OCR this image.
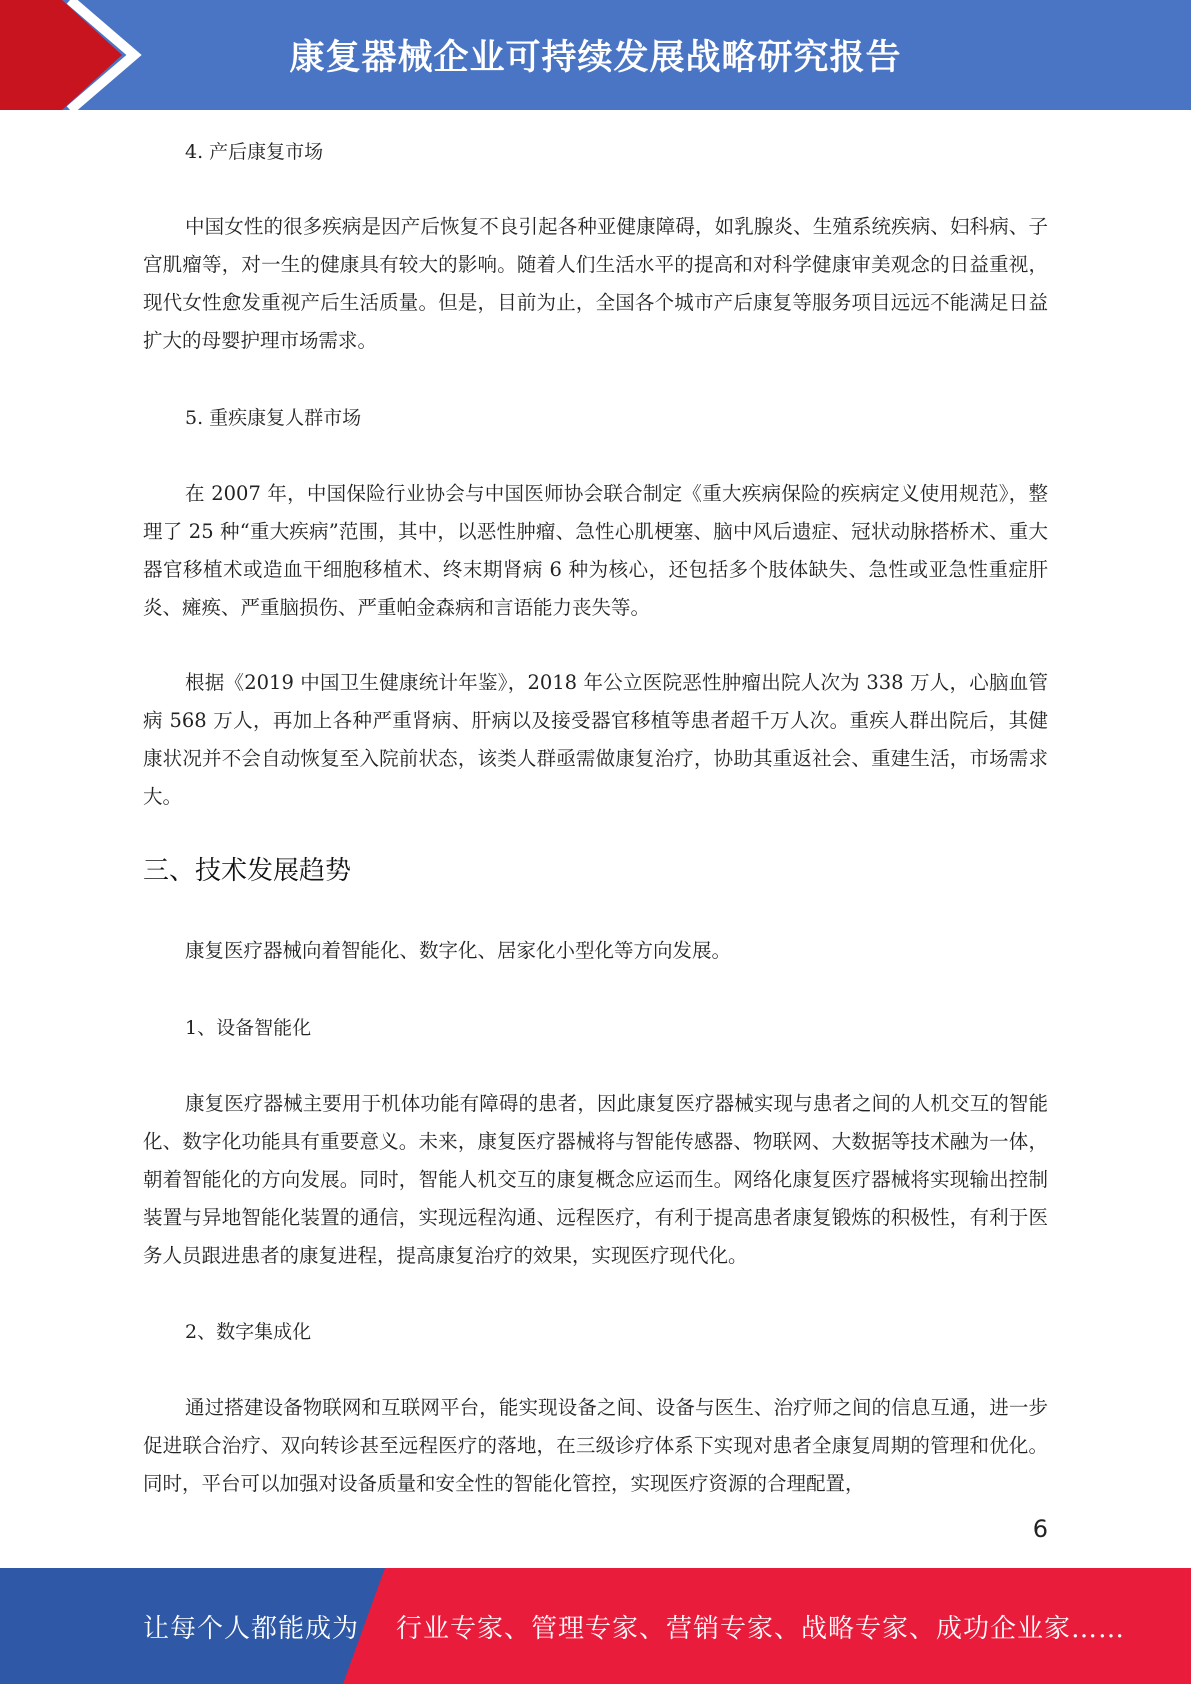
康复器械企业可持续发展战略研究报告
4. 产后康复市场
中国女性的很多疾病是因产后恢复不良引起各种亚健康障碍，如乳腺炎、生殖系统疾病、妇科病、子宫肌瘤等，对一生的健康具有较大的影响。随着人们生活水平的提高和对科学健康审美观念的日益重视，现代女性愈发重视产后生活质量。但是，目前为止，全国各个城市产后康复等服务项目远远不能满足日益扩大的母婴护理市场需求。
5. 重疾康复人群市场
在 2007 年，中国保险行业协会与中国医师协会联合制定《重大疾病保险的疾病定义使用规范》，整理了 25 种“重大疾病”范围，其中，以恶性肿瘤、急性心肌梗塞、脑中风后遗症、冠状动脉搭桥术、重大器官移植术或造血干细胞移植术、终末期肾病 6 种为核心，还包括多个肢体缺失、急性或亚急性重症肝炎、瘫痪、严重脑损伤、严重帕金森病和言语能力丧失等。
根据《2019 中国卫生健康统计年鉴》，2018 年公立医院恶性肿瘤出院人次为 338 万人，心脑血管病 568 万人，再加上各种严重肾病、肝病以及接受器官移植等患者超千万人次。重疾人群出院后，其健康状况并不会自动恢复至入院前状态，该类人群亟需做康复治疗，协助其重返社会、重建生活，市场需求大。
三、技术发展趋势
康复医疗器械向着智能化、数字化、居家化小型化等方向发展。
1、设备智能化
康复医疗器械主要用于机体功能有障碍的患者，因此康复医疗器械实现与患者之间的人机交互的智能化、数字化功能具有重要意义。未来，康复医疗器械将与智能传感器、物联网、大数据等技术融为一体，朝着智能化的方向发展。同时，智能人机交互的康复概念应运而生。网络化康复医疗器械将实现输出控制装置与异地智能化装置的通信，实现远程沟通、远程医疗，有利于提高患者康复锻炼的积极性，有利于医务人员跟进患者的康复进程，提高康复治疗的效果，实现医疗现代化。
2、数字集成化
通过搭建设备物联网和互联网平台，能实现设备之间、设备与医生、治疗师之间的信息互通，进一步促进联合治疗、双向转诊甚至远程医疗的落地，在三级诊疗体系下实现对患者全康复周期的管理和优化。同时，平台可以加强对设备质量和安全性的智能化管控，实现医疗资源的合理配置，
6
让每个人都能成为 行业专家、管理专家、营销专家、战略专家、成功企业家……
